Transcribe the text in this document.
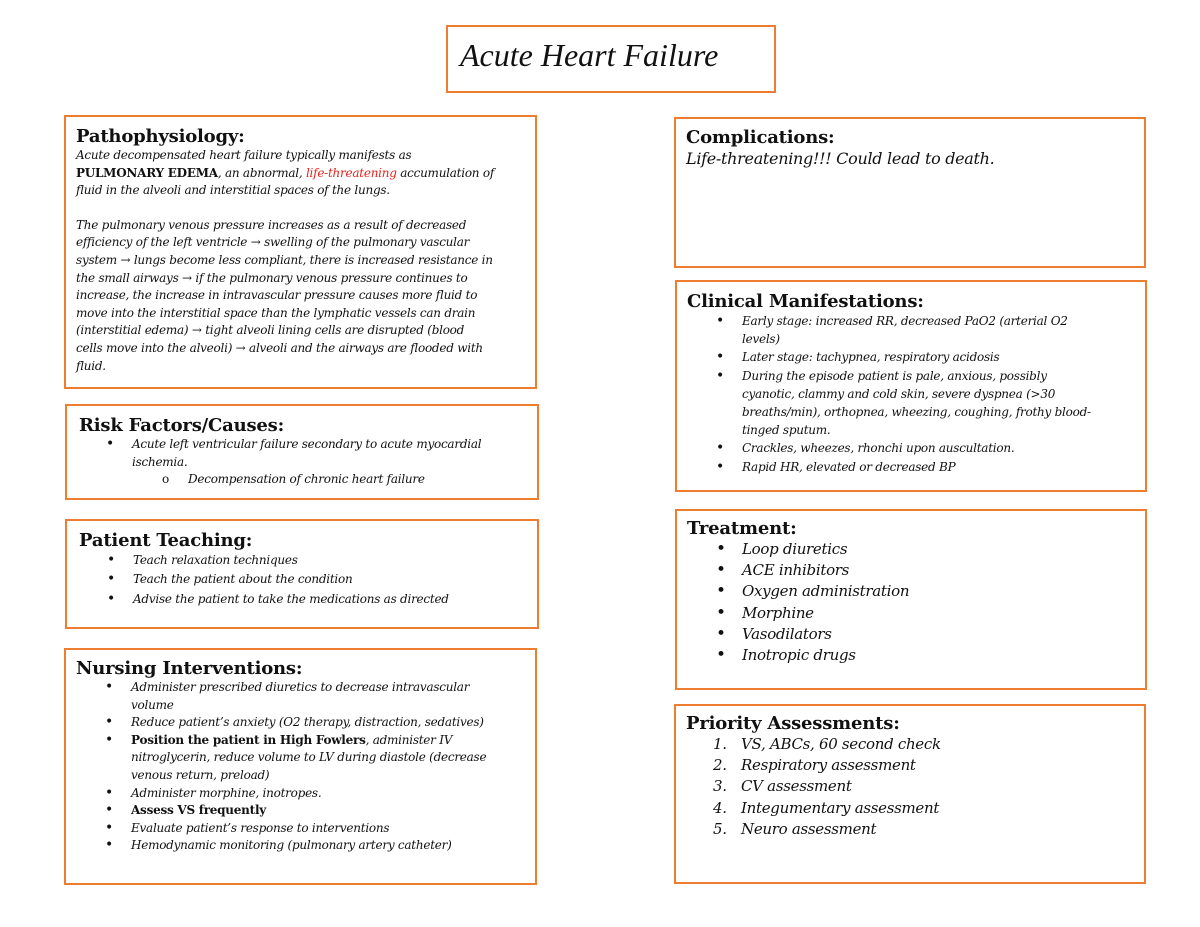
Acute Heart Failure

Pathophysiology:

Acute decompensated heart failure typically manifests as
PULMONARY EDEMA, an abnormal, life-threatening accumulation of
fluid in the alveoli and interstitial spaces of the lungs.
The pulmonary venous pressure increases as a result of decreased
efficiency of the left ventricle → swelling of the pulmonary vascular
system → lungs become less compliant, there is increased resistance in
the small airways → if the pulmonary venous pressure continues to
increase, the increase in intravascular pressure causes more fluid to
move into the interstitial space than the lymphatic vessels can drain
(interstitial edema) → tight alveoli lining cells are disrupted (blood
cells move into the alveoli) → alveoli and the airways are flooded with
fluid.

Risk Factors/Causes:

• Acute left ventricular failure secondary to acute myocardial
ischemia.
o Decompensation of chronic heart failure

Patient Teaching:

• Teach relaxation techniques
• Teach the patient about the condition
• Advise the patient to take the medications as directed

Nursing Interventions:

• Administer prescribed diuretics to decrease intravascular
volume
• Reduce patient’s anxiety (O2 therapy, distraction, sedatives)
• Position the patient in High Fowlers, administer IV
nitroglycerin, reduce volume to LV during diastole (decrease
venous return, preload)
• Administer morphine, inotropes.
• Assess VS frequently
• Evaluate patient’s response to interventions
• Hemodynamic monitoring (pulmonary artery catheter)

Complications:

Life-threatening!!! Could lead to death.

Clinical Manifestations:

• Early stage: increased RR, decreased PaO2 (arterial O2
levels)
• Later stage: tachypnea, respiratory acidosis
• During the episode patient is pale, anxious, possibly
cyanotic, clammy and cold skin, severe dyspnea (>30
breaths/min), orthopnea, wheezing, coughing, frothy blood-
tinged sputum.
• Crackles, wheezes, rhonchi upon auscultation.
• Rapid HR, elevated or decreased BP

Treatment:

• Loop diuretics
• ACE inhibitors
• Oxygen administration
• Morphine
• Vasodilators
• Inotropic drugs

Priority Assessments:

1. VS, ABCs, 60 second check
2. Respiratory assessment
3. CV assessment
4. Integumentary assessment
5. Neuro assessment
